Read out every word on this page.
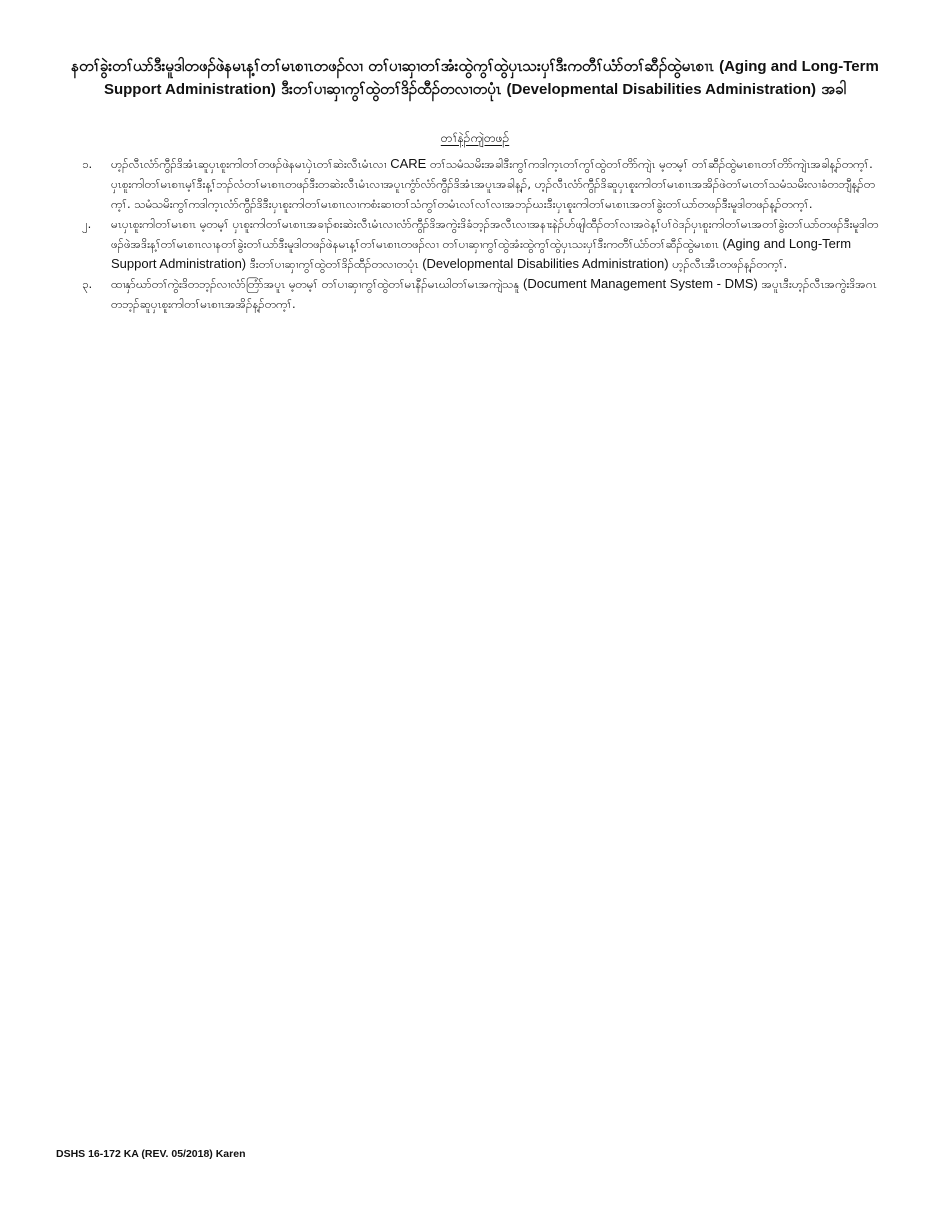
နတၢ်ခွဲးတၢ်ယာ်ဒီးမူဒါတဖၣ်ဖဲနမၤန့ၢ်တၢ်မၤစၢၤတဖၣ်လၢ တၢ်ပၢဆှၢတၢ်အံးထွဲကွၢ်ထွဲပှၤသးပှၢ်ဒီးကတီၢ်ယံာ်တၢ်ဆီၣ်ထွဲမၤစၢၤ (Aging and Long-Term Support Administration) ဒီးတၢ်ပၢဆှၢကွၢ်ထွဲတၢ်ဒိၣ်ထီၣ်တလၢတပုံၤ (Developmental Disabilities Administration) အခါ
တၢ်နဲၣ်ကျဲတဖၣ်
၁.	ဟ့ၣ်လီၤလံာ်ကွီၣ်ဒိအံၤဆူပှၤစူးကါတၢ်တဖၣ်ဖဲနမၤပှဲၤတၢ်ဆဲးလီၤမံၤလၢ CARE တၢ်သမံသမိးအခါဒီးကွၢ်ကဒါက့ၤတၢ်ကွၢ်ထွဲတၢ်တိာ်ကျဲၤ မ့တမ့ၢ် တၢ်ဆီၣ်ထွဲမၤစၢၤတၢ်တိာ်ကျဲၤအခါန့ၣ်တက့ၢ်. ပှၤစူးကါတၢ်မၤစၢၤမ့ၢ်ဒီးန့ၢ်ဘၣ်လံတၢ်မၤစၢၤတဖၣ်ဒီးတဆဲးလီၤမံၤလၢအပူၤကွံာ်လံာ်ကွီၣ်ဒိအံၤအပူၤအခါန့ၣ်, ဟ့ၣ်လီၤလံာ်ကွီၣ်ဒိဆူပှၤစူးကါတၢ်မၤစၢၤအအိၣ်ဖဲတၢ်မၤတၢ်သမံသမိးလၢခံတဘျီန့ၣ်တက့ၢ်. သမံသမိးကွၢ်ကဒါက့ၤလံာ်ကွီၣ်ဒိဒီးပှၤစူးကါတၢ်မၤစၢၤလၢကစံးဆၢတၢ်သံကွၢ်တမံၤလၢ်လၢ်လၢအဘၣ်ဃးဒီးပှၤစူးကါတၢ်မၤစၢၤအတၢ်ခွဲးတၢ်ယာ်တဖၣ်ဒီးမူဒါတဖၣ်န့ၣ်တက့ၢ်.
၂.	မၤပှၤစူးကါတၢ်မၤစၢၤ မ့တမ့ၢ် ပှၤစူးကါတၢ်မၤစၢၤအခၢၣ်စးဆဲးလီၤမံၤလၢလံာ်ကွီၣ်ဒိအကွဲးဒိခံဘ့ၣ်အလီၤလၢအနၢးနဲၣ်ဟ်ဖျါထီၣ်တၢ်လၢအဝဲန့ၢ်ပၢ်ဝဲဒၣ်ပှၤစူးကါတၢ်မၤအတၢ်ခွဲးတၢ်ယာ်တဖၣ်ဒီးမူဒါတဖၣ်ဖဲအဒိးန့ၢ်တၢ်မၤစၢၤလၢနတၢ်ခွဲးတၢ်ယာ်ဒီးမူဒါတဖၣ်ဖဲနမၤန့ၢ်တၢ်မၤစၢၤတဖၣ်လၢ တၢ်ပၢဆှၢကွၢ်ထွဲအံးထွဲကွၢ်ထွဲပှၤသးပှၢ်ဒီးကတီၢ်ယံာ်တၢ်ဆီၣ်ထွဲမၤစၢၤ (Aging and Long-Term Support Administration) ဒီးတၢ်ပၢဆှၢကွၢ်ထွဲတၢ်ဒိၣ်ထီၣ်တလၢတပုံၤ (Developmental Disabilities Administration) ဟ့ၣ်လီၤအီၤတဖၣ်န့ၣ်တက့ၢ်.
၃.	ထၢနှာ်ဃာ်တၢ်ကွဲးဒိတဘ့ၣ်လၢလံာ်တြံာ်အပူၤ မ့တမ့ၢ် တၢ်ပၢဆှၢကွၢ်ထွဲတၢ်မၤနီၣ်မၤဃါတၢ်မၤအကျဲသနူ (Document Management System - DMS) အပူၤဒီးဟ့ၣ်လီၤအကွဲးဒိအဂၤတဘ့ၣ်ဆူပှၤစူးကါတၢ်မၤစၢၤအအိၣ်န့ၣ်တက့ၢ်.
DSHS 16-172 KA (REV. 05/2018) Karen
